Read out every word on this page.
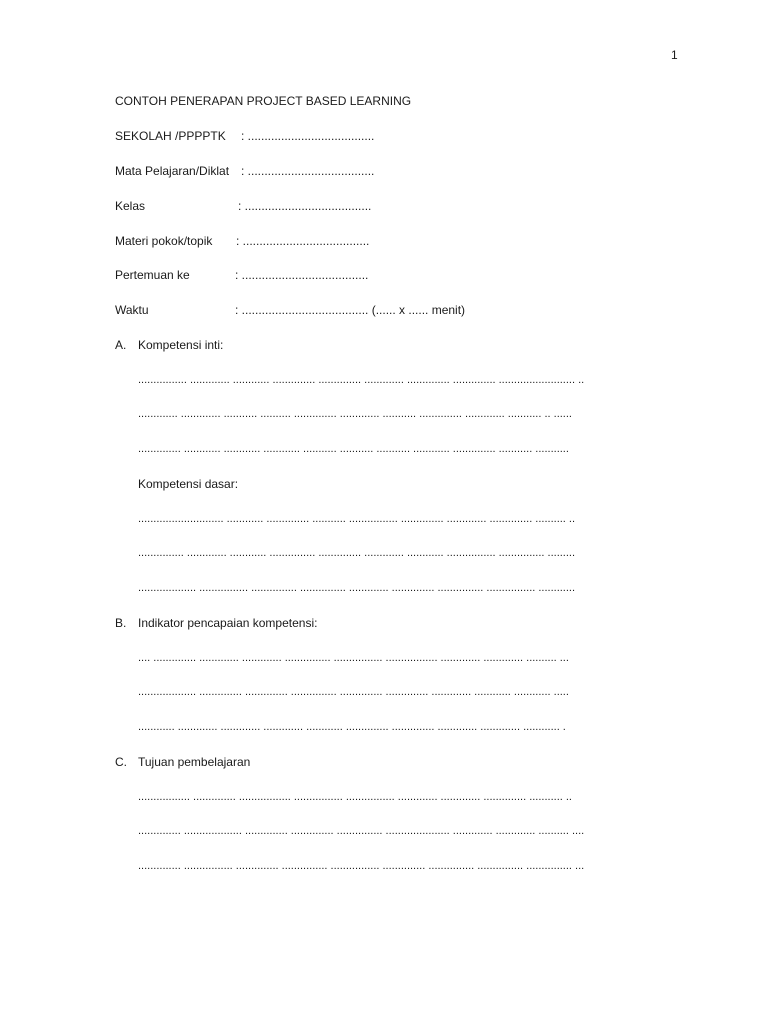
1
CONTOH PENERAPAN PROJECT BASED LEARNING
SEKOLAH /PPPPTK : ......................................
Mata Pelajaran/Diklat : ......................................
Kelas	: ......................................
Materi pokok/topik : ......................................
Pertemuan ke	: ......................................
Waktu	: ...................................... (...... x ...... menit)
A. Kompetensi inti:
................ ............. ............ .............. .............. ............. .............. .............. ......................... ..
............. ............. ........... .......... .............. ............. ........... .............. ............. ........... .. ......
.............. ............ ............ ............ ........... ........... ........... ............ .............. ........... ...........
Kompetensi dasar:
............................ ............ .............. ........... ................ .............. ............. .............. .......... ..
............... ............. ............ ............... .............. ............. ............ ................ ............... .........
................... ................ ............... ............... ............. .............. ............... ................ ............
B. Indikator pencapaian kompetensi:
.... .............. ............. ............. ............... ................ ................. ............. ............. .......... ...
................... .............. .............. ............... .............. .............. ............. ............ ............ .....
............ ............. ............. ............. ............ .............. .............. ............. ............. ............ .
C. Tujuan pembelajaran
................. .............. ................. ................ ................ ............. ............. .............. ........... ..
.............. ................... .............. .............. ............... ..................... ............. ............. .......... ....
.............. ................ .............. ............... ................ .............. ............... ............... ............... ...
